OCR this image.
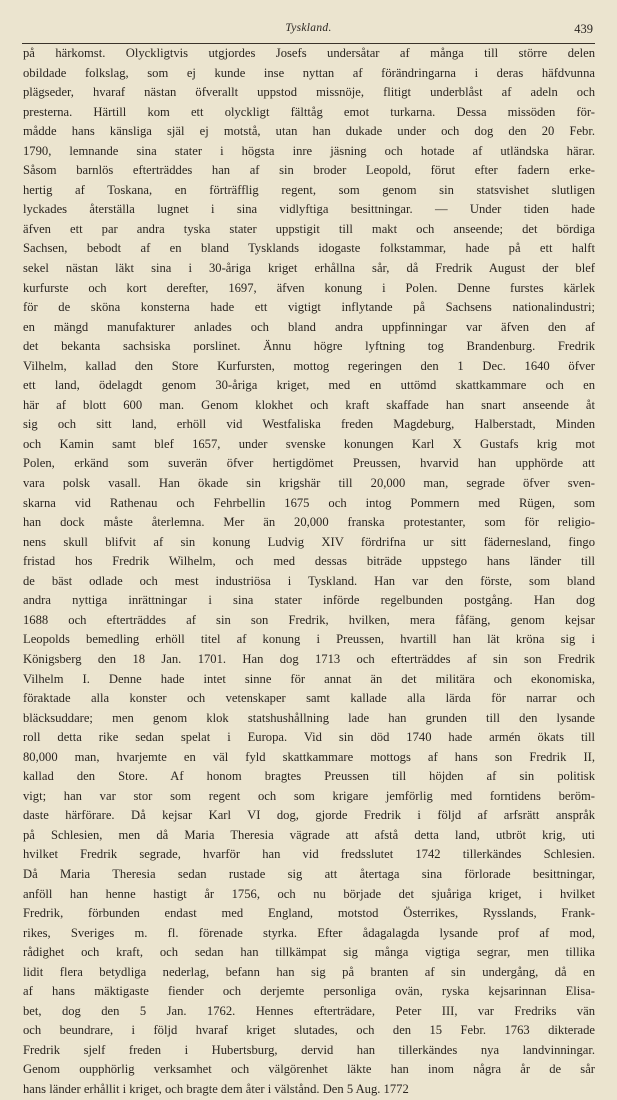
Tyskland.	439
på härkomst. Olyckligtvis utgjordes Josefs undersåtar af många till större delen
obildade folkslag, som ej kunde inse nyttan af förändringarna i deras häfdvunna
plägseder, hvaraf nästan öfverallt uppstod missnöje, flitigt underblåst af adeln och
presterna. Härtill kom ett olyckligt fälttåg emot turkarna. Dessa missöden för-
mådde hans känsliga själ ej motstå, utan han dukade under och dog den 20 Febr.
1790, lemnande sina stater i högsta inre jäsning och hotade af utländska härar.
Såsom barnlös efterträddes han af sin broder Leopold, förut efter fadern erke-
hertig af Toskana, en förträfflig regent, som genom sin statsvishet slutligen
lyckades återställa lugnet i sina vidlyftiga besittningar. — Under tiden hade
äfven ett par andra tyska stater uppstigit till makt och anseende; det bördiga
Sachsen, bebodt af en bland Tysklands idogaste folkstammar, hade på ett halft
sekel nästan läkt sina i 30-åriga kriget erhållna sår, då Fredrik August der blef
kurfurste och kort derefter, 1697, äfven konung i Polen. Denne furstes kärlek
för de sköna konsterna hade ett vigtigt inflytande på Sachsens nationalindustri;
en mängd manufakturer anlades och bland andra uppfinningar var äfven den af
det bekanta sachsiska porslinet. Ännu högre lyftning tog Brandenburg. Fredrik
Vilhelm, kallad den Store Kurfursten, mottog regeringen den 1 Dec. 1640 öfver
ett land, ödelagdt genom 30-åriga kriget, med en uttömd skattkammare och en
här af blott 600 man. Genom klokhet och kraft skaffade han snart anseende åt
sig och sitt land, erhöll vid Westfaliska freden Magdeburg, Halberstadt, Minden
och Kamin samt blef 1657, under svenske konungen Karl X Gustafs krig mot
Polen, erkänd som suverän öfver hertigdömet Preussen, hvarvid han upphörde att
vara polsk vasall. Han ökade sin krigshär till 20,000 man, segrade öfver sven-
skarna vid Rathenau och Fehrbellin 1675 och intog Pommern med Rügen, som
han dock måste återlemna. Mer än 20,000 franska protestanter, som för religio-
nens skull blifvit af sin konung Ludvig XIV fördrifna ur sitt fädernesland, fingo
fristad hos Fredrik Wilhelm, och med dessas biträde uppstego hans länder till
de bäst odlade och mest industriösa i Tyskland. Han var den förste, som bland
andra nyttiga inrättningar i sina stater införde regelbunden postgång. Han dog
1688 och efterträddes af sin son Fredrik, hvilken, mera fåfäng, genom kejsar
Leopolds bemedling erhöll titel af konung i Preussen, hvartill han lät kröna sig i
Königsberg den 18 Jan. 1701. Han dog 1713 och efterträddes af sin son Fredrik
Vilhelm I. Denne hade intet sinne för annat än det militära och ekonomiska,
föraktade alla konster och vetenskaper samt kallade alla lärda för narrar och
bläcksuddare; men genom klok statshushållning lade han grunden till den lysande
roll detta rike sedan spelat i Europa. Vid sin död 1740 hade armén ökats till
80,000 man, hvarjemte en väl fyld skattkammare mottogs af hans son Fredrik II,
kallad den Store. Af honom bragtes Preussen till höjden af sin politisk
vigt; han var stor som regent och som krigare jemförlig med forntidens beröm-
daste härförare. Då kejsar Karl VI dog, gjorde Fredrik i följd af arfsrätt anspråk
på Schlesien, men då Maria Theresia vägrade att afstå detta land, utbröt krig, uti
hvilket Fredrik segrade, hvarför han vid fredsslutet 1742 tillerkändes Schlesien.
Då Maria Theresia sedan rustade sig att återtaga sina förlorade besittningar,
anföll han henne hastigt år 1756, och nu började det sjuåriga kriget, i hvilket
Fredrik, förbunden endast med England, motstod Österrikes, Rysslands, Frank-
rikes, Sveriges m. fl. förenade styrka. Efter ådagalagda lysande prof af mod,
rådighet och kraft, och sedan han tillkämpat sig många vigtiga segrar, men tillika
lidit flera betydliga nederlag, befann han sig på branten af sin undergång, då en
af hans mäktigaste fiender och derjemte personliga ovän, ryska kejsarinnan Elisa-
bet, dog den 5 Jan. 1762. Hennes efterträdare, Peter III, var Fredriks vän
och beundrare, i följd hvaraf kriget slutades, och den 15 Febr. 1763 dikterade
Fredrik sjelf freden i Hubertsburg, dervid han tillerkändes nya landvinningar.
Genom oupphörlig verksamhet och välgörenhet läkte han inom några år de sår
hans länder erhållit i kriget, och bragte dem åter i välstånd. Den 5 Aug. 1772
